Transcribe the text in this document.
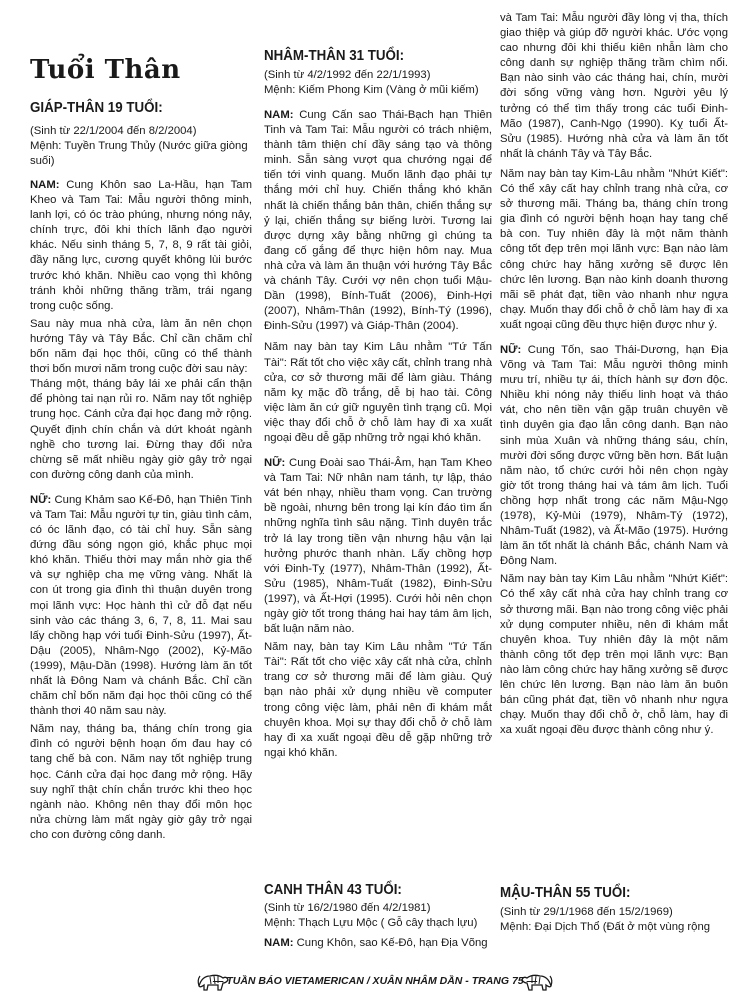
Tuổi Thân
GIÁP-THÂN 19 TUỔI:

(Sinh từ 22/1/2004 đến 8/2/2004)

Mệnh: Tuyền Trung Thủy (Nước giữa giòng suối)

NAM: Cung Khôn sao La-Hầu, hạn Tam Kheo và Tam Tai: Mẫu người thông minh, lanh lợi, có óc trào phúng, nhưng nóng nảy, chính trực, đôi khi thích lãnh đạo người khác. Nếu sinh tháng 5, 7, 8, 9 rất tài giỏi, đầy năng lực, cương quyết không lùi bước trước khó khăn. Nhiều cao vọng thì không tránh khỏi những thăng trầm, trái ngang trong cuộc sống.

Sau này mua nhà cửa, làm ăn nên chọn hướng Tây và Tây Bắc. Chỉ cần chăm chỉ bốn năm đại học thôi, cũng có thể thành thơi bốn mươi năm trong cuộc đời sau này:

Tháng một, tháng bảy lái xe phải cẩn thận để phòng tai nạn rủi ro. Năm nay tốt nghiệp trung học. Cánh cửa đại học đang mở rộng. Quyết định chín chắn và dứt khoát ngành nghề cho tương lai. Đừng thay đổi nửa chừng sẽ mất nhiều ngày giờ gây trở ngại con đường công danh của mình.

NỮ: Cung Khảm sao Kế-Đô, hạn Thiên Tinh và Tam Tai: Mẫu người tự tin, giàu tình cảm, có óc lãnh đạo, có tài chỉ huy. Sẵn sàng đứng đầu sóng ngọn gió, khắc phục mọi khó khăn. Thiếu thời may mắn nhờ gia thế và sự nghiệp cha mẹ vững vàng. Nhất là con út trong gia đình thì thuận duyên trong mọi lãnh vực: Học hành thì cử đỗ đạt nếu sinh vào các tháng 3, 6, 7, 8, 11. Mai sau lấy chồng hạp với tuổi Đinh-Sửu (1997), Ất-Dậu (2005), Nhâm-Ngọ (2002), Kỷ-Mão (1999), Mậu-Dần (1998). Hướng làm ăn tốt nhất là Đông Nam và chánh Bắc. Chỉ cần chăm chỉ bốn năm đại học thôi cũng có thể thành thơi 40 năm sau này.

Năm nay, tháng ba, tháng chín trong gia đình có người bệnh hoạn ốm đau hay có tang chế bà con. Năm nay tốt nghiệp trung học. Cánh cửa đại học đang mở rộng. Hãy suy nghĩ thật chín chắn trước khi theo học ngành nào. Không nên thay đổi môn học nửa chừng làm mất ngày giờ gây trở ngại cho con đường công danh.

NHÂM-THÂN 31 TUỔI:

(Sinh từ 4/2/1992 đến 22/1/1993)

Mệnh: Kiếm Phong Kim (Vàng ở mũi kiếm)

NAM: Cung Cấn sao Thái-Bạch hạn Thiên Tinh và Tam Tai: Mẫu người có trách nhiệm, thành tâm thiện chí đầy sáng tạo và thông minh. Sẵn sàng vượt qua chướng ngại để tiến tới vinh quang. Muốn lãnh đạo phải tự thắng mới chỉ huy. Chiến thắng khó khăn nhất là chiến thắng bản thân, chiến thắng sự ỷ lại, chiến thắng sự biếng lười. Tương lai được dựng xây bằng những gì chúng ta đang cố gắng để thực hiện hôm nay. Mua nhà cửa và làm ăn thuận với hướng Tây Bắc và chánh Tây. Cưới vợ nên chọn tuổi Mậu-Dần (1998), Bính-Tuất (2006), Đinh-Hợi (2007), Nhâm-Thân (1992), Bính-Tý (1996), Đinh-Sửu (1997) và Giáp-Thân (2004).

Năm nay bàn tay Kim Lâu nhằm "Tứ Tấn Tài": Rất tốt cho việc xây cất, chỉnh trang nhà cửa, cơ sở thương mãi để làm giàu. Tháng năm kỵ mặc đồ trắng, dễ bị hao tài. Công việc làm ăn cứ giữ nguyên tình trạng cũ. Mọi việc thay đổi chỗ ở chỗ làm hay đi xa xuất ngoại đều dễ gặp những trở ngại khó khăn.

NỮ: Cung Đoài sao Thái-Âm, hạn Tam Kheo và Tam Tai: Nữ nhân nam tánh, tự lập, tháo vát bén nhạy, nhiều tham vọng. Can trường bề ngoài, nhưng bên trong lại kín đáo tìm ẩn những nghĩa tình sâu nặng. Tình duyên trắc trở lá lay trong tiền vận nhưng hậu vận lại hưởng phước thanh nhàn. Lấy chồng hợp với Đinh-Tỵ (1977), Nhâm-Thân (1992), Ất-Sửu (1985), Nhâm-Tuất (1982), Đinh-Sửu (1997), và Ất-Hợi (1995). Cưới hỏi nên chọn ngày giờ tốt trong tháng hai hay tám âm lịch, bất luận năm nào.

Năm nay, bàn tay Kim Lâu nhằm "Tứ Tấn Tài": Rất tốt cho việc xây cất nhà cửa, chỉnh trang cơ sở thương mãi để làm giàu. Quý bạn nào phải xử dụng nhiều về computer trong công việc làm, phải nên đi khám mắt chuyên khoa. Mọi sự thay đổi chỗ ở chỗ làm hay đi xa xuất ngoại đều dễ gặp những trở ngại khó khăn.

CANH THÂN 43 TUỔI:

(Sinh từ 16/2/1980 đến 4/2/1981)

Mệnh: Thạch Lựu Mộc ( Gỗ cây thạch lựu)

NAM: Cung Khôn, sao Kế-Đô, hạn Địa Võng

và Tam Tai: Mẫu người đầy lòng vị tha, thích giao thiệp và giúp đỡ người khác. Ước vọng cao nhưng đôi khi thiếu kiên nhẫn làm cho công danh sự nghiệp thăng trầm chìm nổi. Bạn nào sinh vào các tháng hai, chín, mười đời sống vững vàng hơn. Người yêu lý tưởng có thể tìm thấy trong các tuổi Đinh-Mão (1987), Canh-Ngọ (1990). Kỵ tuổi Ất-Sửu (1985). Hướng nhà cửa và làm ăn tốt nhất là chánh Tây và Tây Bắc.

Năm nay bàn tay Kim-Lâu nhằm "Nhứt Kiết": Có thể xây cất hay chỉnh trang nhà cửa, cơ sở thương mãi. Tháng ba, tháng chín trong gia đình có người bệnh hoạn hay tang chế bà con. Tuy nhiên đây là một năm thành công tốt đẹp trên mọi lãnh vực: Bạn nào làm công chức hay hãng xưởng sẽ được lên chức lên lương. Bạn nào kinh doanh thương mãi sẽ phát đạt, tiền vào nhanh như ngựa chạy. Muốn thay đổi chỗ ở chỗ làm hay đi xa xuất ngoại cũng đều thực hiện được như ý.

NỮ: Cung Tốn, sao Thái-Dương, hạn Địa Võng và Tam Tai: Mẫu người thông minh mưu trí, nhiều tự ái, thích hành sự đơn độc. Nhiều khi nóng nảy thiếu linh hoạt và tháo vát, cho nên tiền vận gặp truân chuyên về tình duyên gia đạo lẫn công danh. Bạn nào sinh mùa Xuân và những tháng sáu, chín, mười đời sống được vững bền hơn. Bất luận năm nào, tổ chức cưới hỏi nên chọn ngày giờ tốt trong tháng hai và tám âm lịch. Tuổi chồng hợp nhất trong các năm Mậu-Ngọ (1978), Kỷ-Mùi (1979), Nhâm-Tý (1972), Nhâm-Tuất (1982), và Ất-Mão (1975). Hướng làm ăn tốt nhất là chánh Bắc, chánh Nam và Đông Nam.

Năm nay bàn tay Kim Lâu nhằm "Nhứt Kiết": Có thể xây cất nhà cửa hay chỉnh trang cơ sở thương mãi. Bạn nào trong công việc phải xử dụng computer nhiều, nên đi khám mắt chuyên khoa. Tuy nhiên đây là một năm thành công tốt đẹp trên mọi lãnh vực: Bạn nào làm công chức hay hãng xưởng sẽ được lên chức lên lương. Bạn nào làm ăn buôn bán cũng phát đạt, tiền vô nhanh như ngựa chạy. Muốn thay đổi chỗ ở, chỗ làm, hay đi xa xuất ngoại đều được thành công như ý.

MẬU-THÂN 55 TUỔI:

(Sinh từ 29/1/1968 đến 15/2/1969)

Mệnh: Đại Dịch Thổ (Đất ở một vùng rộng

— TUẦN BÁO VIETAMERICAN / XUÂN NHÂM DẦN - TRANG 75 —
